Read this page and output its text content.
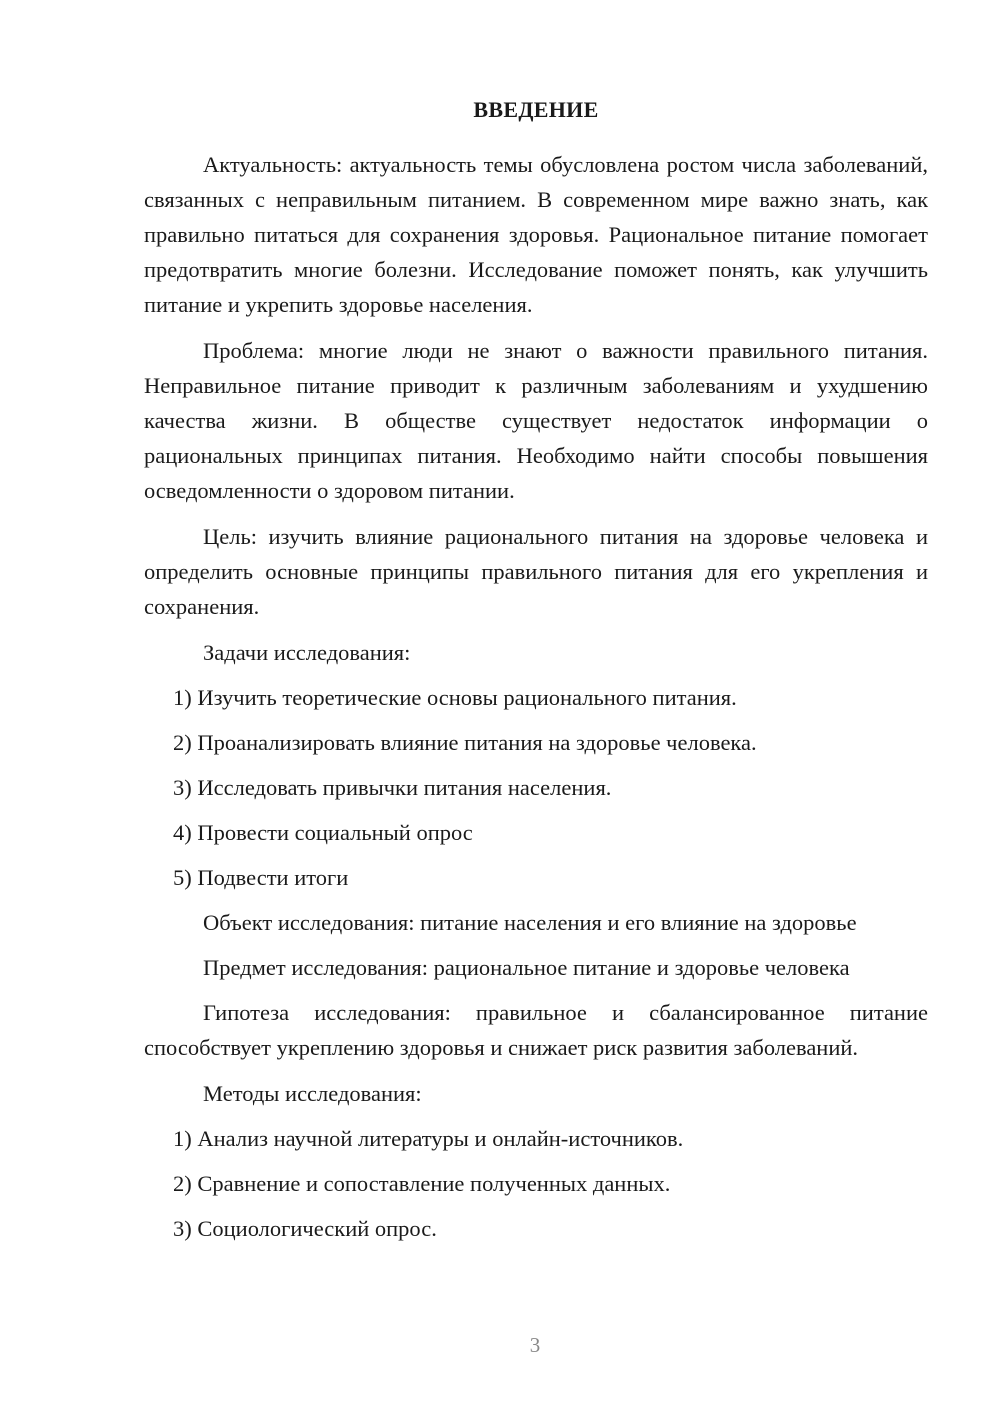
ВВЕДЕНИЕ

Актуальность: актуальность темы обусловлена ростом числа заболеваний, связанных с неправильным питанием. В современном мире важно знать, как правильно питаться для сохранения здоровья. Рациональное питание помогает предотвратить многие болезни. Исследование поможет понять, как улучшить питание и укрепить здоровье населения.

Проблема: многие люди не знают о важности правильного питания. Неправильное питание приводит к различным заболеваниям и ухудшению качества жизни. В обществе существует недостаток информации о рациональных принципах питания. Необходимо найти способы повышения осведомленности о здоровом питании.

Цель: изучить влияние рационального питания на здоровье человека и определить основные принципы правильного питания для его укрепления и сохранения.

Задачи исследования:
1) Изучить теоретические основы рационального питания.
2) Проанализировать влияние питания на здоровье человека.
3) Исследовать привычки питания населения.
4) Провести социальный опрос
5) Подвести итоги
Объект исследования: питание населения и его влияние на здоровье
Предмет исследования: рациональное питание и здоровье человека

Гипотеза исследования: правильное и сбалансированное питание способствует укреплению здоровья и снижает риск развития заболеваний.

Методы исследования:
1) Анализ научной литературы и онлайн-источников.
2) Сравнение и сопоставление полученных данных.
3) Социологический опрос.
3
